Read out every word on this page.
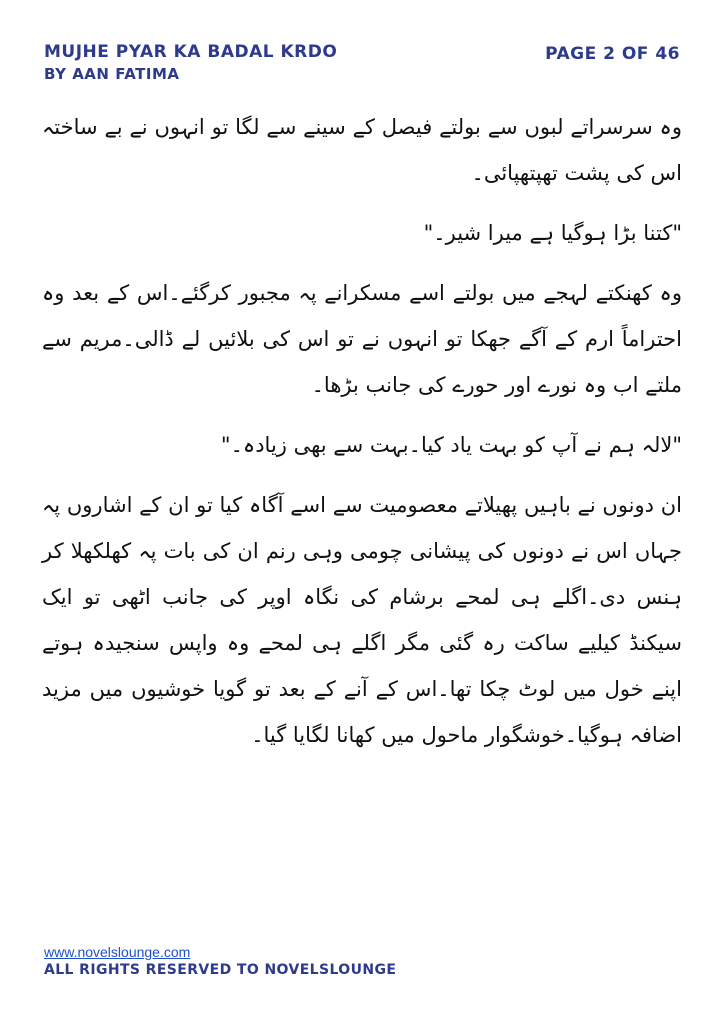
MUJHE PYAR KA BADAL KRDO
BY AAN FATIMA
PAGE 2 OF 46

وہ سرسراتے لبوں سے بولتے فیصل کے سینے سے لگا تو انہوں نے بے ساختہ اس کی پشت تھپتھپائی۔

"کتنا بڑا ہوگیا ہے میرا شیر۔"

وہ کھنکتے لہجے میں بولتے اسے مسکرانے پہ مجبور کرگئے۔اس کے بعد وہ احتراماً ارم کے آگے جھکا تو انہوں نے تو اس کی بلائیں لے ڈالی۔مریم سے ملتے اب وہ نورے اور حورے کی جانب بڑھا۔

"لالہ ہم نے آپ کو بہت یاد کیا۔بہت سے بھی زیادہ۔"

ان دونوں نے باہیں پھیلاتے معصومیت سے اسے آگاہ کیا تو ان کے اشاروں پہ جہاں اس نے دونوں کی پیشانی چومی وہی رنم ان کی بات پہ کھلکھلا کر ہنس دی۔اگلے ہی لمحے برشام کی نگاہ اوپر کی جانب اٹھی تو ایک سیکنڈ کیلیے ساکت رہ گئی مگر اگلے ہی لمحے وہ واپس سنجیدہ ہوتے اپنے خول میں لوٹ چکا تھا۔اس کے آنے کے بعد تو گویا خوشیوں میں مزید اضافہ ہوگیا۔خوشگوار ماحول میں کھانا لگایا گیا۔

www.novelslounge.com
ALL RIGHTS RESERVED TO NOVELSLOUNGE
